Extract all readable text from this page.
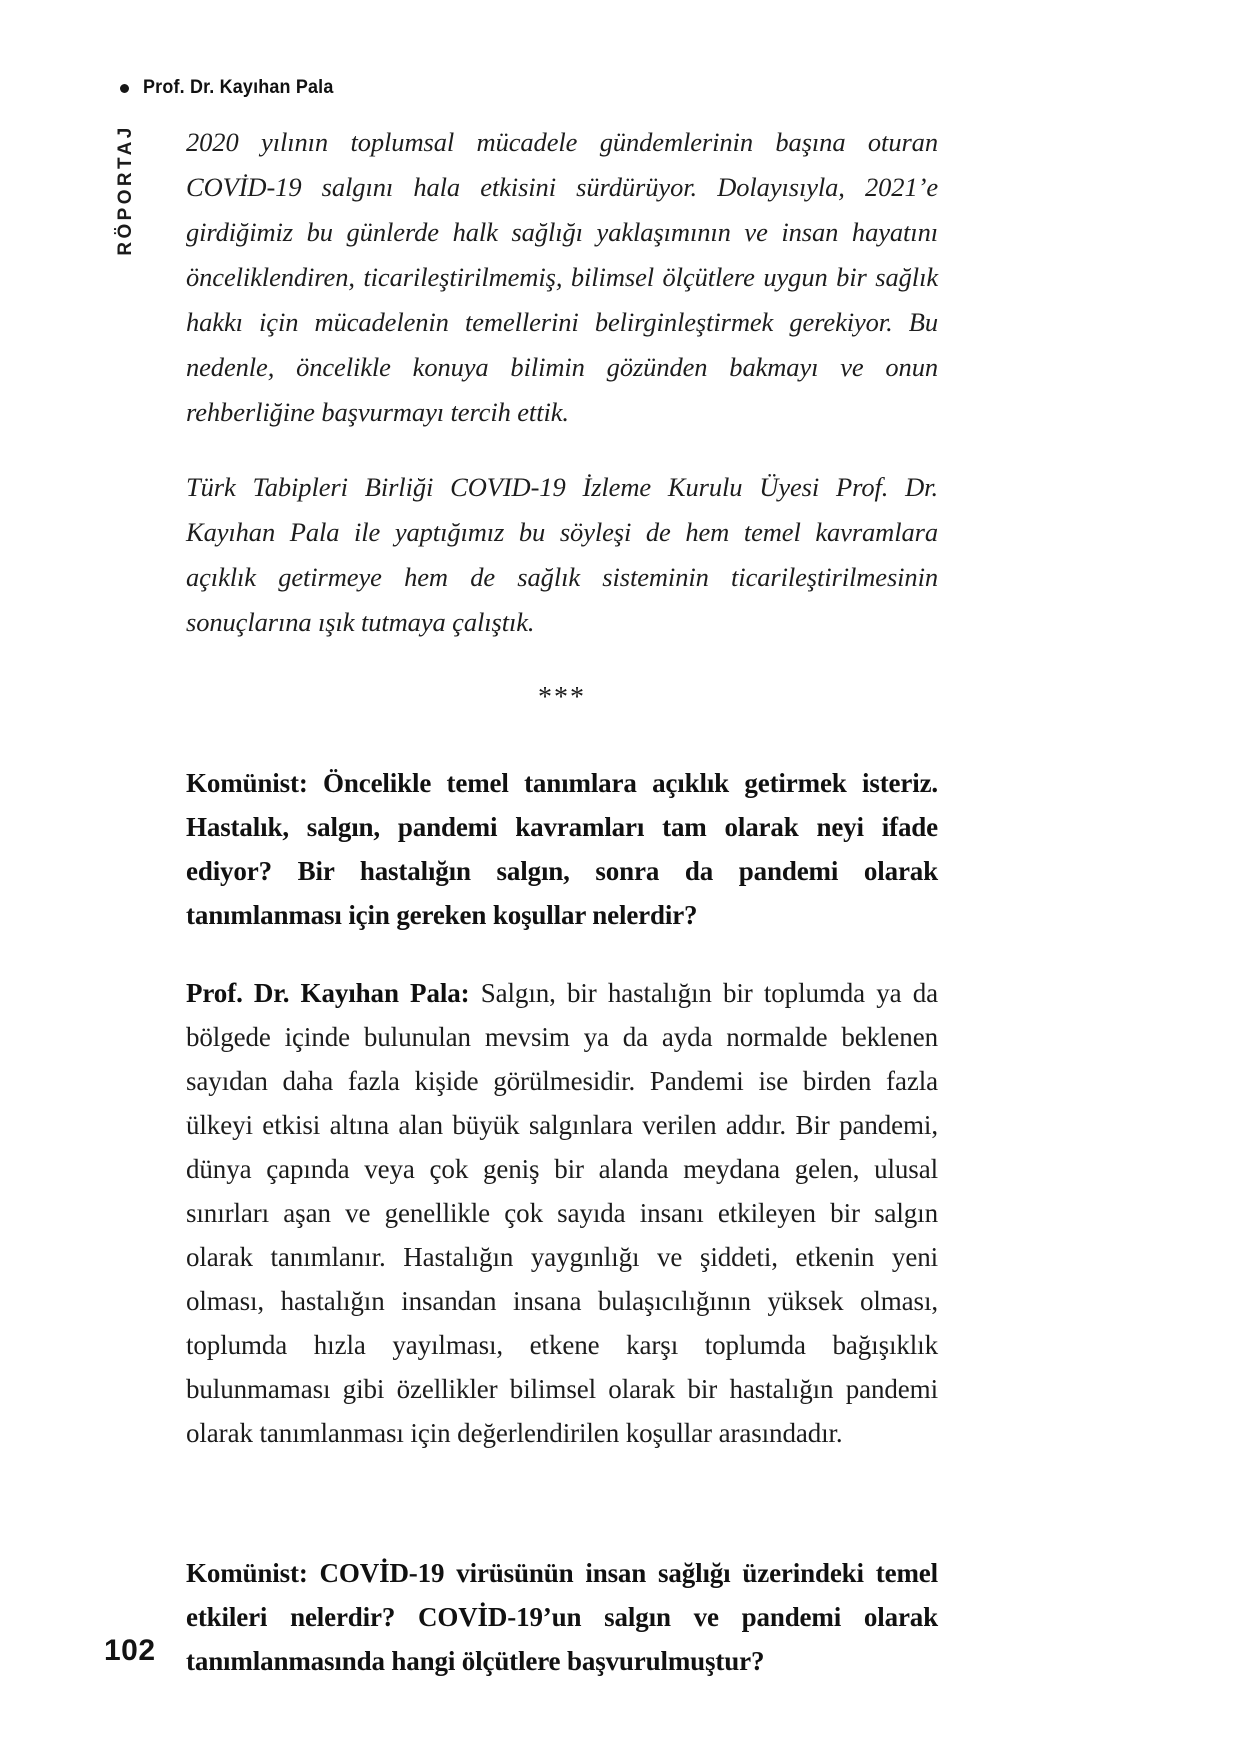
Prof. Dr. Kayıhan Pala
RÖPORTAJ 2020 yılının toplumsal mücadele gündemlerinin başına oturan COVİD-19 salgını hala etkisini sürdürüyor. Dolayısıyla, 2021’e girdiğimiz bu günlerde halk sağlığı yaklaşımının ve insan hayatını önceliklendiren, ticarileştirilmemiş, bilimsel ölçütlere uygun bir sağlık hakkı için mücadelenin temellerini belirginleştirmek gerekiyor. Bu nedenle, öncelikle konuya bilimin gözünden bakmayı ve onun rehberliğine başvurmayı tercih ettik.

Türk Tabipleri Birliği COVID-19 İzleme Kurulu Üyesi Prof. Dr. Kayıhan Pala ile yaptığımız bu söyleşi de hem temel kavramlara açıklık getirmeye hem de sağlık sisteminin ticarileştirilmesinin sonuçlarına ışık tutmaya çalıştık.

***

Komünist: Öncelikle temel tanımlara açıklık getirmek isteriz. Hastalık, salgın, pandemi kavramları tam olarak neyi ifade ediyor? Bir hastalığın salgın, sonra da pandemi olarak tanımlanması için gereken koşullar nelerdir?

Prof. Dr. Kayıhan Pala: Salgın, bir hastalığın bir toplumda ya da bölgede içinde bulunulan mevsim ya da ayda normalde beklenen sayıdan daha fazla kişide görülmesidir. Pandemi ise birden fazla ülkeyi etkisi altına alan büyük salgınlara verilen addır. Bir pandemi, dünya çapında veya çok geniş bir alanda meydana gelen, ulusal sınırları aşan ve genellikle çok sayıda insanı etkileyen bir salgın olarak tanımlanır. Hastalığın yaygınlığı ve şiddeti, etkenin yeni olması, hastalığın insandan insana bulaşıcılığının yüksek olması, toplumda hızla yayılması, etkene karşı toplumda bağışıklık bulunmaması gibi özellikler bilimsel olarak bir hastalığın pandemi olarak tanımlanması için değerlendirilen koşullar arasındadır.

Komünist: COVİD-19 virüsünün insan sağlığı üzerindeki temel etkileri nelerdir? COVİD-19’un salgın ve pandemi olarak tanımlanmasında hangi ölçütlere başvurulmuştur?

102
